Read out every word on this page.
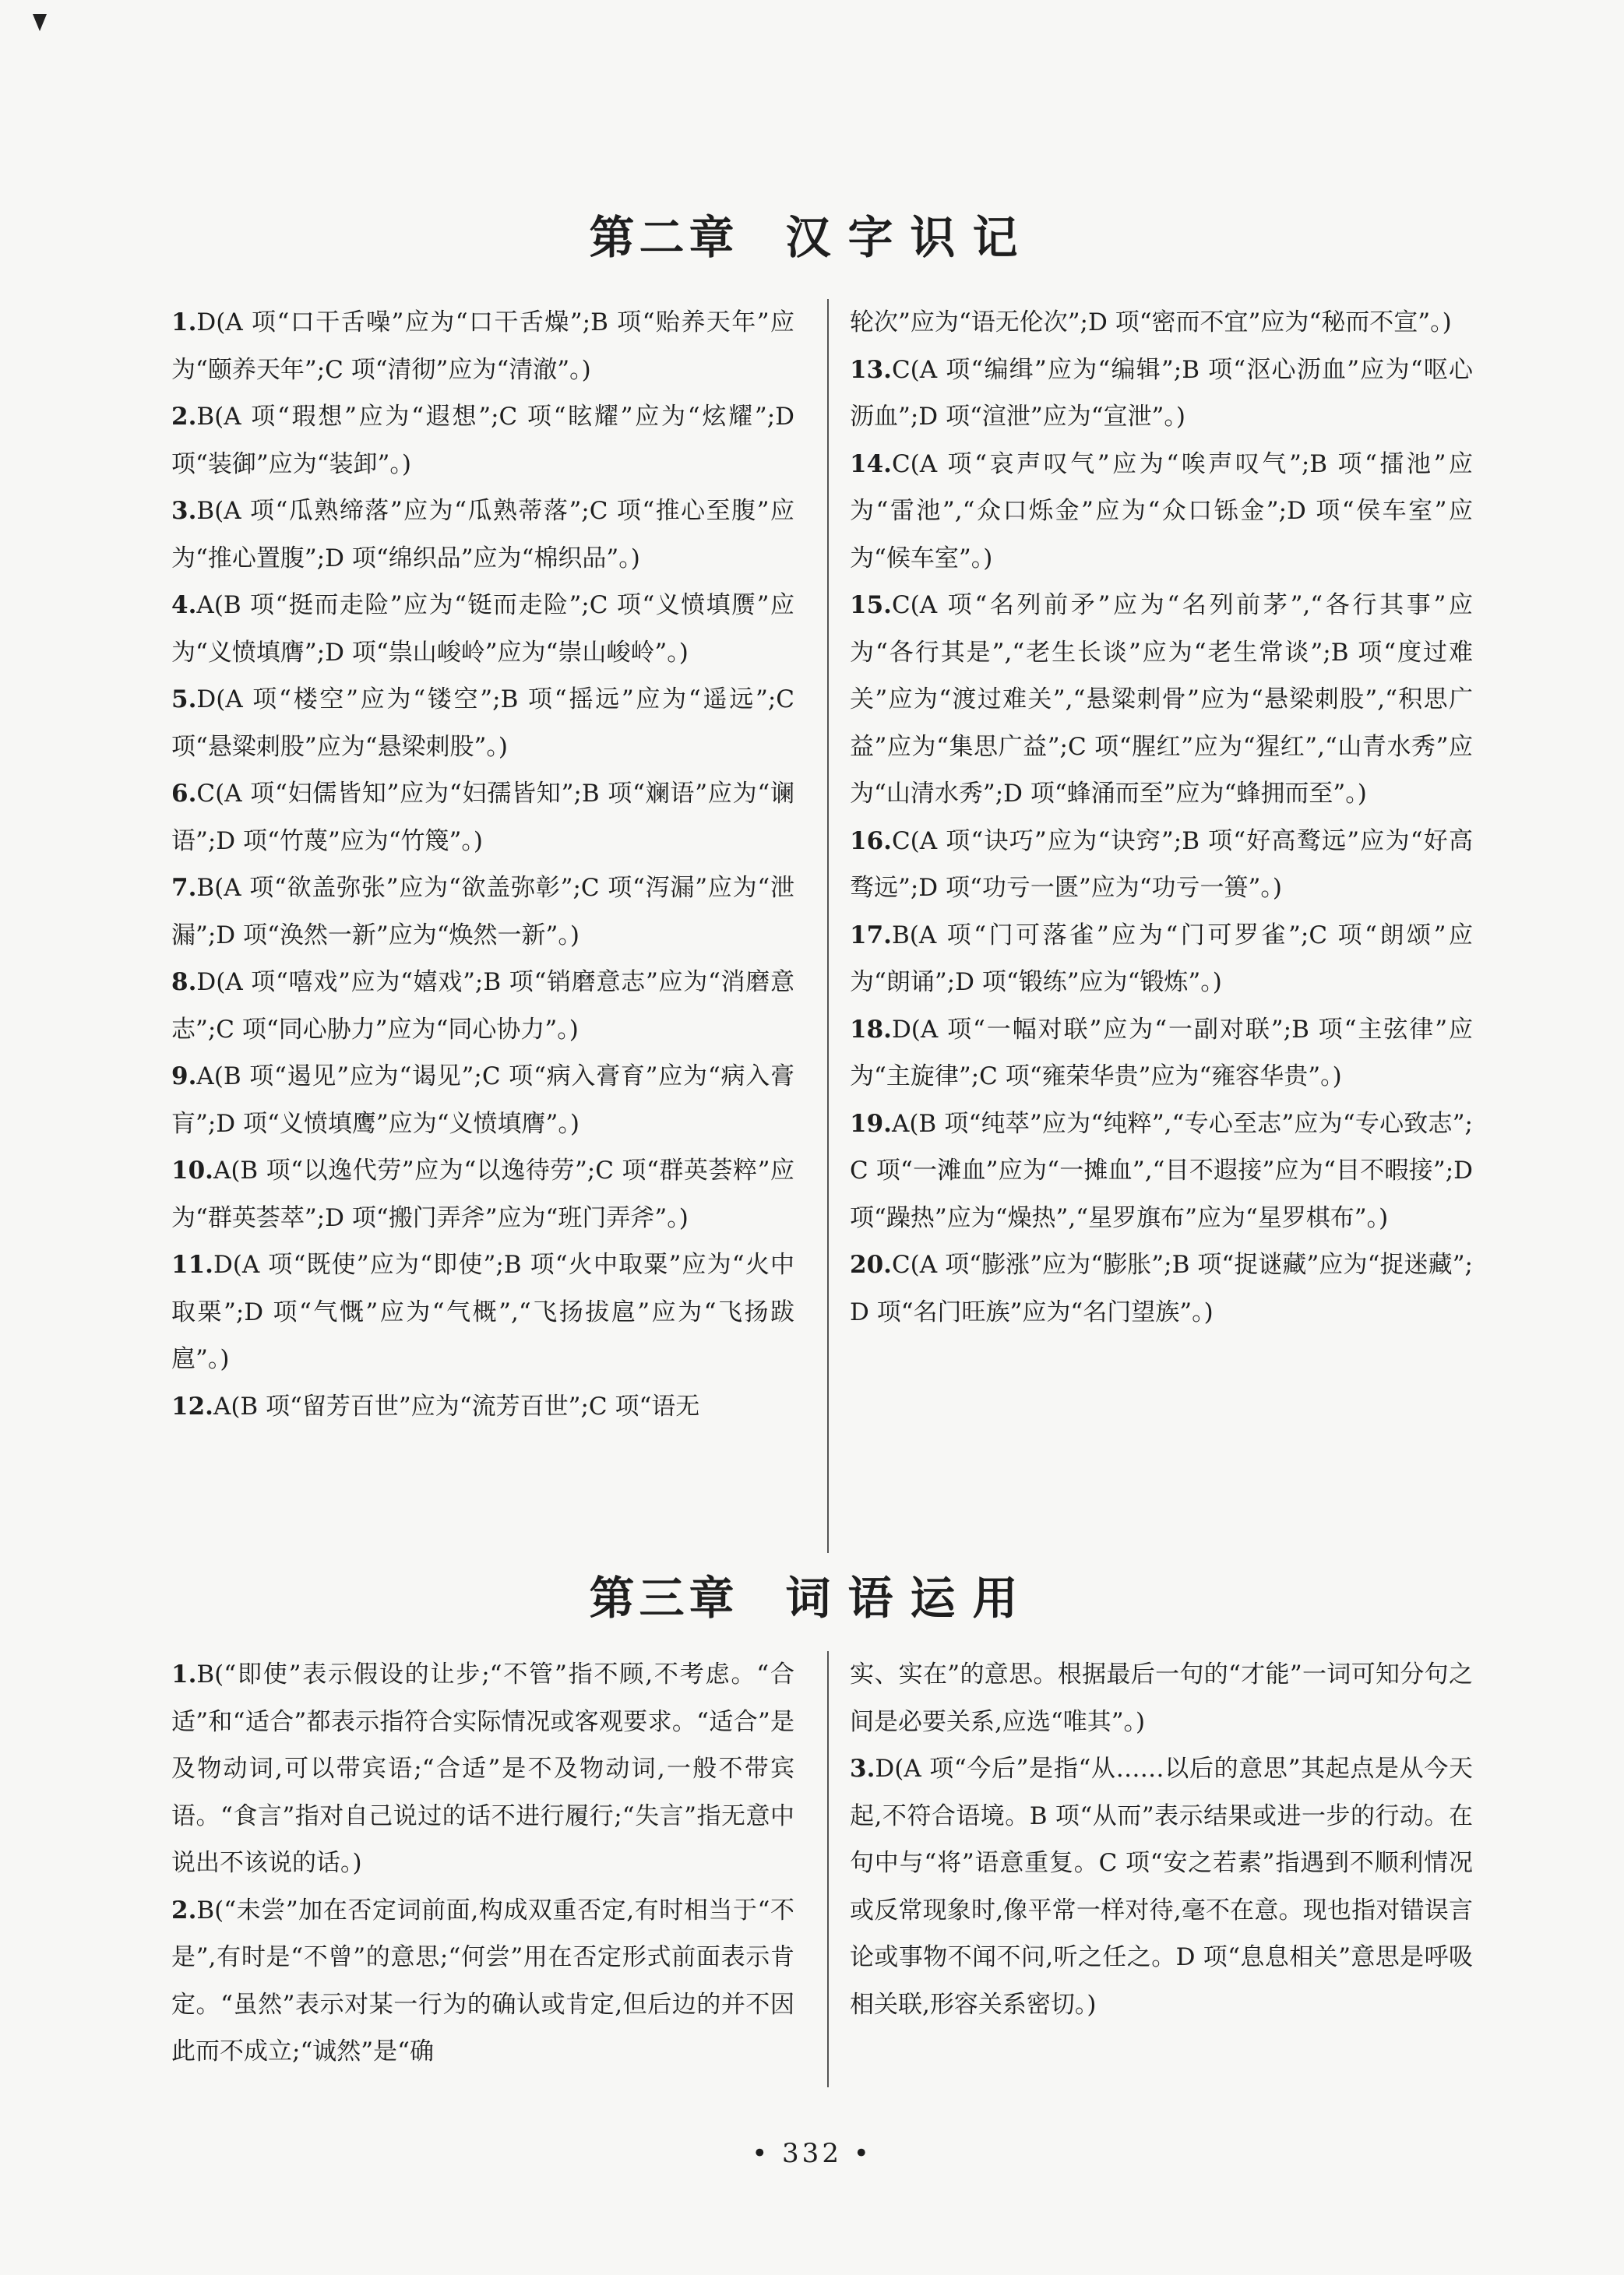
第二章 汉字识记

1.D(A 项“口干舌噪”应为“口干舌燥”;B 项“贻养天年”应为“颐养天年”;C 项“清彻”应为“清澈”。)

2.B(A 项“瑕想”应为“遐想”;C 项“眩耀”应为“炫耀”;D 项“装御”应为“装卸”。)

3.B(A 项“瓜熟缔落”应为“瓜熟蒂落”;C 项“推心至腹”应为“推心置腹”;D 项“绵织品”应为“棉织品”。)

4.A(B 项“挺而走险”应为“铤而走险”;C 项“义愤填赝”应为“义愤填膺”;D 项“祟山峻岭”应为“崇山峻岭”。)

5.D(A 项“楼空”应为“镂空”;B 项“摇远”应为“遥远”;C 项“悬粱刺股”应为“悬梁刺股”。)

6.C(A 项“妇儒皆知”应为“妇孺皆知”;B 项“斓语”应为“谰语”;D 项“竹蔑”应为“竹篾”。)

7.B(A 项“欲盖弥张”应为“欲盖弥彰”;C 项“泻漏”应为“泄漏”;D 项“涣然一新”应为“焕然一新”。)

8.D(A 项“嘻戏”应为“嬉戏”;B 项“销磨意志”应为“消磨意志”;C 项“同心胁力”应为“同心协力”。)

9.A(B 项“遏见”应为“谒见”;C 项“病入膏育”应为“病入膏肓”;D 项“义愤填鹰”应为“义愤填膺”。)

10.A(B 项“以逸代劳”应为“以逸待劳”;C 项“群英荟粹”应为“群英荟萃”;D 项“搬门弄斧”应为“班门弄斧”。)

11.D(A 项“既使”应为“即使”;B 项“火中取粟”应为“火中取栗”;D 项“气慨”应为“气概”,“飞扬拔扈”应为“飞扬跋扈”。)

12.A(B 项“留芳百世”应为“流芳百世”;C 项“语无

轮次”应为“语无伦次”;D 项“密而不宜”应为“秘而不宣”。)

13.C(A 项“编缉”应为“编辑”;B 项“沤心沥血”应为“呕心沥血”;D 项“渲泄”应为“宣泄”。)

14.C(A 项“哀声叹气”应为“唉声叹气”;B 项“擂池”应为“雷池”,“众口烁金”应为“众口铄金”;D 项“侯车室”应为“候车室”。)

15.C(A 项“名列前矛”应为“名列前茅”,“各行其事”应为“各行其是”,“老生长谈”应为“老生常谈”;B 项“度过难关”应为“渡过难关”,“悬粱刺骨”应为“悬梁刺股”,“积思广益”应为“集思广益”;C 项“腥红”应为“猩红”,“山青水秀”应为“山清水秀”;D 项“蜂涌而至”应为“蜂拥而至”。)

16.C(A 项“诀巧”应为“诀窍”;B 项“好高鹜远”应为“好高骛远”;D 项“功亏一匮”应为“功亏一篑”。)

17.B(A 项“门可落雀”应为“门可罗雀”;C 项“朗颂”应为“朗诵”;D 项“锻练”应为“锻炼”。)

18.D(A 项“一幅对联”应为“一副对联”;B 项“主弦律”应为“主旋律”;C 项“雍荣华贵”应为“雍容华贵”。)

19.A(B 项“纯萃”应为“纯粹”,“专心至志”应为“专心致志”;C 项“一滩血”应为“一摊血”,“目不遐接”应为“目不暇接”;D 项“躁热”应为“燥热”,“星罗旗布”应为“星罗棋布”。)

20.C(A 项“膨涨”应为“膨胀”;B 项“捉谜藏”应为“捉迷藏”;D 项“名门旺族”应为“名门望族”。)

第三章 词语运用

1.B(“即使”表示假设的让步;“不管”指不顾,不考虑。“合适”和“适合”都表示指符合实际情况或客观要求。“适合”是及物动词,可以带宾语;“合适”是不及物动词,一般不带宾语。“食言”指对自己说过的话不进行履行;“失言”指无意中说出不该说的话。)

2.B(“未尝”加在否定词前面,构成双重否定,有时相当于“不是”,有时是“不曾”的意思;“何尝”用在否定形式前面表示肯定。“虽然”表示对某一行为的确认或肯定,但后边的并不因此而不成立;“诚然”是“确

实、实在”的意思。根据最后一句的“才能”一词可知分句之间是必要关系,应选“唯其”。)

3.D(A 项“今后”是指“从……以后的意思”其起点是从今天起,不符合语境。B 项“从而”表示结果或进一步的行动。在句中与“将”语意重复。C 项“安之若素”指遇到不顺利情况或反常现象时,像平常一样对待,毫不在意。现也指对错误言论或事物不闻不问,听之任之。D 项“息息相关”意思是呼吸相关联,形容关系密切。)

• 332 •
